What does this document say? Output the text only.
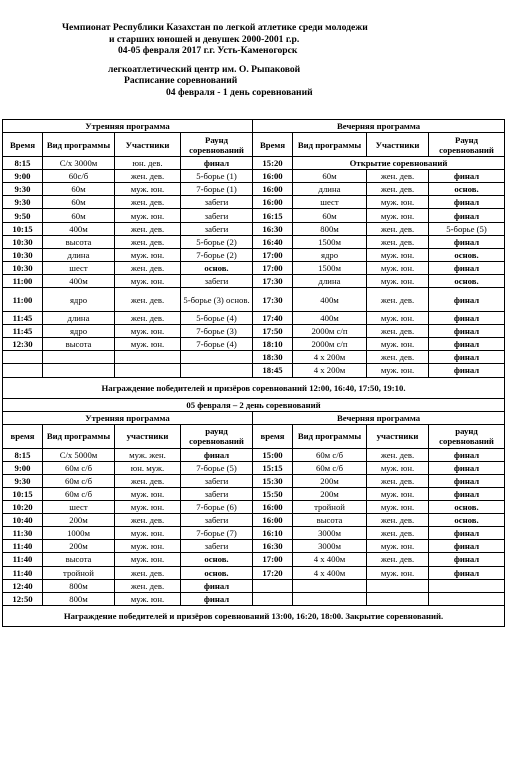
Чемпионат Республики Казахстан по легкой атлетике среди молодежи
и старших юношей и девушек 2000-2001 г.р.
04-05 февраля 2017 г.г. Усть-Каменогорск
легкоатлетический центр им. О. Рыпаковой
Расписание соревнований
04 февраля - 1 день соревнований
Утренняя программа				Вечерняя программа			
Время	Вид программы	Участники	Раунд соревнований	Время	Вид программы	Участники	Раунд соревнований
8:15	С/х 3000м	юн. дев.	финал	15:20	Открытие соревнований		
9:00	60с/б	жен. дев.	5-борье (1)	16:00	60м	жен. дев.	финал
9:30	60м	муж. юн.	7-борье (1)	16:00	длина	жен. дев.	основ.
9:30	60м	жен. дев.	забеги	16:00	шест	муж. юн.	финал
9:50	60м	муж. юн.	забеги	16:15	60м	муж. юн.	финал
10:15	400м	жен. дев.	забеги	16:30	800м	жен. дев.	5-борье (5)
10:30	высота	жен. дев.	5-борье (2)	16:40	1500м	жен. дев.	финал
10:30	длина	муж. юн.	7-борье (2)	17:00	ядро	муж. юн.	основ.
10:30	шест	жен. дев.	основ.	17:00	1500м	муж. юн.	финал
11:00	400м	муж. юн.	забеги	17:30	длина	муж. юн.	основ.
11:00	ядро	жен. дев.	5-борье (3) основ.	17:30	400м	жен. дев.	финал
11:45	длина	жен. дев.	5-борье (4)	17:40	400м	муж. юн.	финал
11:45	ядро	муж. юн.	7-борье (3)	17:50	2000м с/п	жен. дев.	финал
12:30	высота	муж. юн.	7-борье (4)	18:10	2000м с/п	муж. юн.	финал
				18:30	4 х 200м	жен. дев.	финал
				18:45	4 х 200м	муж. юн.	финал
Награждение победителей и призёров соревнований 12:00, 16:40, 17:50, 19:10.							
05 февраля – 2 день соревнований							
Утренняя программа				Вечерняя программа			
время	Вид программы	участники	раунд соревнований	время	Вид программы	участники	раунд соревнований
8:15	С/х 5000м	муж. жен.	финал	15:00	60м с/б	жен. дев.	финал
9:00	60м с/б	юн. муж.	7-борье (5)	15:15	60м с/б	муж. юн.	финал
9:30	60м с/б	жен. дев.	забеги	15:30	200м	жен. дев.	финал
10:15	60м с/б	муж. юн.	забеги	15:50	200м	муж. юн.	финал
10:20	шест	муж. юн.	7-борье (6)	16:00	тройной	муж. юн.	основ.
10:40	200м	жен. дев.	забеги	16:00	высота	жен. дев.	основ.
11:30	1000м	муж. юн.	7-борье (7)	16:10	3000м	жен. дев.	финал
11:40	200м	муж. юн.	забеги	16:30	3000м	муж. юн.	финал
11:40	высота	муж. юн.	основ.	17:00	4 х 400м	жен. дев.	финал
11:40	тройной	жен. дев.	основ.	17:20	4 х 400м	муж. юн.	финал
12:40	800м	жен. дев.	финал				
12:50	800м	муж. юн.	финал				
Награждение победителей и призёров соревнований 13:00, 16:20, 18:00. Закрытие соревнований.							
